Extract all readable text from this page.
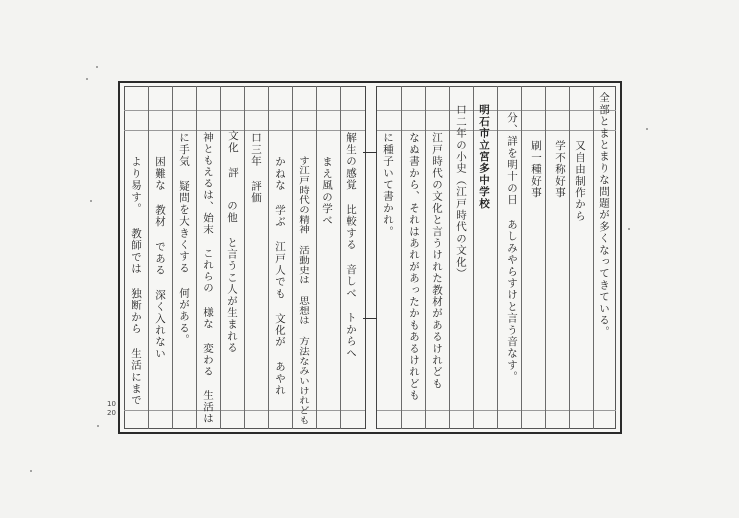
全部とまとまりな問題が多くなってきている。
又自由制作から
学不称好事
刷一種好事
分、詳を明十の日 あしみやらすけと言う音なす。
明石市立宮多中学校
口二年の小史（江戸時代の文化）
江戸時代の文化と言うけれた教材があるけれども
なぬ書から、それはあれがあったかもあるけれども
に種子いて書かれ。
解生の感覚 比較する 音しべ トからへ
まえ風の学べ
す江戸時代の精神 活動史は 思想は 方法なみいけれども
かねな 学ぶ 江戸人でも 文化が あやれ
口三年 評価
の他 と言うこ人が生まれる
文化 評
神ともえるは、始末 これらの 様な 変わる 生活は
に手気 疑問を大きくする 何がある。
困難な 教材 である 深く入れない
より易す。 教師では 独断から 生活にまで
10
20
